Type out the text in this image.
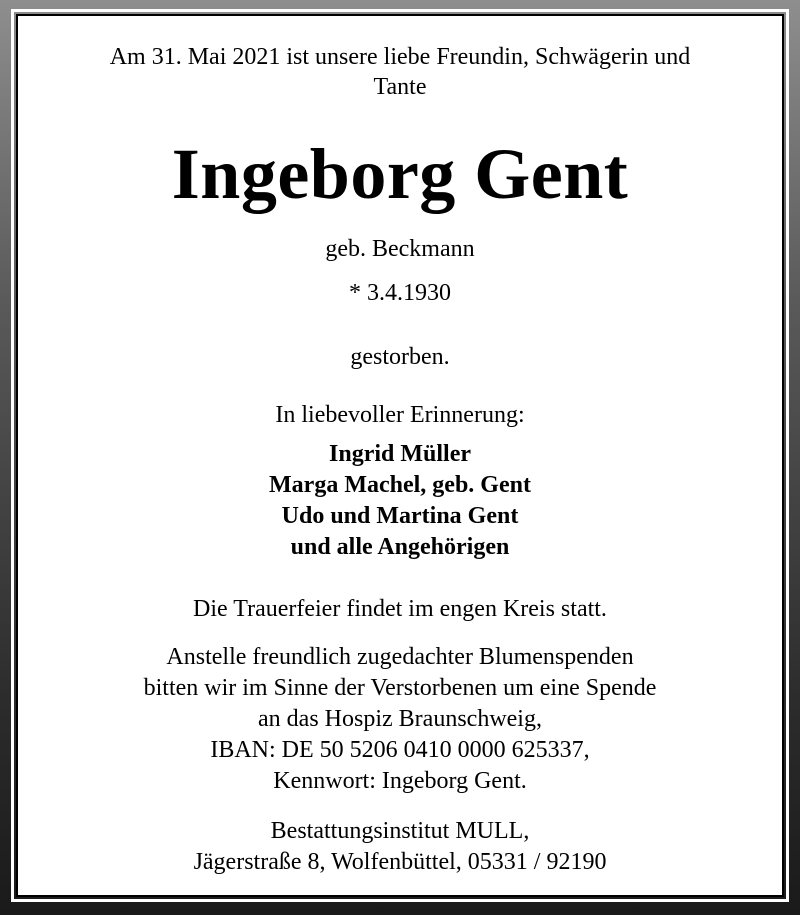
Am 31. Mai 2021 ist unsere liebe Freundin, Schwägerin und

Tante

Ingeborg Gent

geb. Beckmann

* 3.4.1930

gestorben.

In liebevoller Erinnerung:

Ingrid Müller

Marga Machel, geb. Gent

Udo und Martina Gent

und alle Angehörigen

Die Trauerfeier findet im engen Kreis statt.

Anstelle freundlich zugedachter Blumenspenden

bitten wir im Sinne der Verstorbenen um eine Spende

an das Hospiz Braunschweig,

IBAN: DE 50 5206 0410 0000 625337,

Kennwort: Ingeborg Gent.

Bestattungsinstitut MULL,

Jägerstraße 8, Wolfenbüttel, 05331 / 92190
